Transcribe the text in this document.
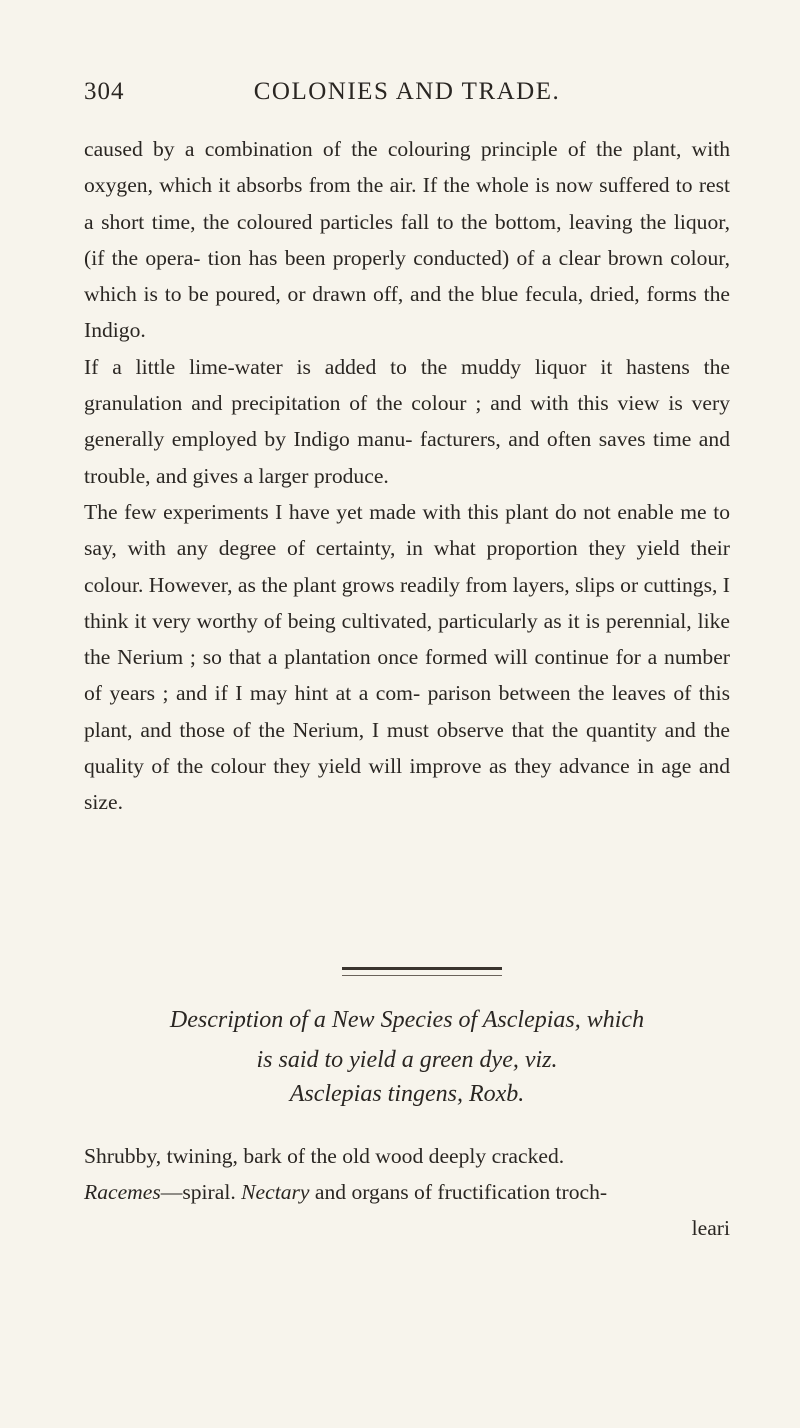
304	COLONIES AND TRADE.

caused by a combination of the colouring principle of the plant, with oxygen, which it absorbs from the air. If the whole is now suffered to rest a short time, the coloured particles fall to the bottom, leaving the liquor, (if the opera- tion has been properly conducted) of a clear brown colour, which is to be poured, or drawn off, and the blue fecula, dried, forms the Indigo.

If a little lime-water is added to the muddy liquor it hastens the granulation and precipitation of the colour ; and with this view is very generally employed by Indigo manu- facturers, and often saves time and trouble, and gives a larger produce.

The few experiments I have yet made with this plant do not enable me to say, with any degree of certainty, in what proportion they yield their colour. However, as the plant grows readily from layers, slips or cuttings, I think it very worthy of being cultivated, particularly as it is perennial, like the Nerium ; so that a plantation once formed will continue for a number of years ; and if I may hint at a com- parison between the leaves of this plant, and those of the Nerium, I must observe that the quantity and the quality of the colour they yield will improve as they advance in age and size.

Description of a New Species of Asclepias, which
is said to yield a green dye, viz.
Asclepias tingens, Roxb.
Shrubby, twining, bark of the old wood deeply cracked.
Racemes—spiral. Nectary and organs of fructification troch-
leari
